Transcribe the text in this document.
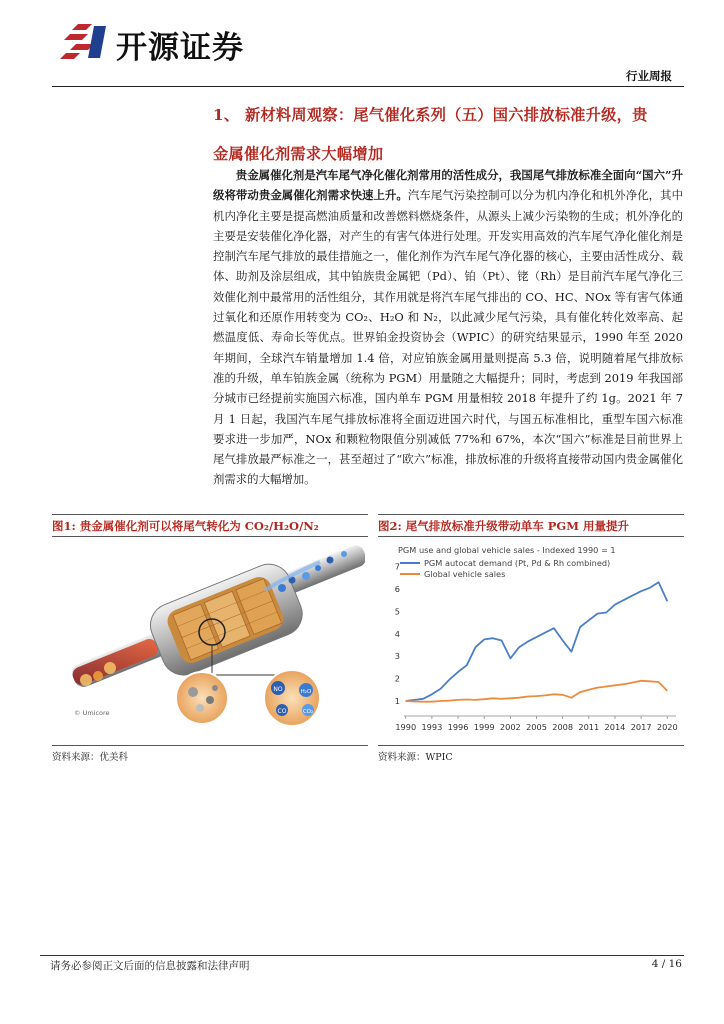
开源证券
行业周报
1、 新材料周观察：尾气催化系列（五）国六排放标准升级，贵
金属催化剂需求大幅增加

贵金属催化剂是汽车尾气净化催化剂常用的活性成分，我国尾气排放标准全面向“国六”升级将带动贵金属催化剂需求快速上升。汽车尾气污染控制可以分为机内净化和机外净化，其中机内净化主要是提高燃油质量和改善燃料燃烧条件，从源头上减少污染物的生成；机外净化的主要是安装催化净化器，对产生的有害气体进行处理。开发实用高效的汽车尾气净化催化剂是控制汽车尾气排放的最佳措施之一，催化剂作为汽车尾气净化器的核心，主要由活性成分、载体、助剂及涂层组成，其中铂族贵金属钯（Pd）、铂（Pt）、铑（Rh）是目前汽车尾气净化三效催化剂中最常用的活性组分，其作用就是将汽车尾气排出的 CO、HC、NOx 等有害气体通过氧化和还原作用转变为 CO₂、H₂O 和 N₂，以此减少尾气污染，具有催化转化效率高、起燃温度低、寿命长等优点。世界铂金投资协会（WPIC）的研究结果显示，1990 年至 2020 年期间，全球汽车销量增加 1.4 倍，对应铂族金属用量则提高 5.3 倍，说明随着尾气排放标准的升级，单车铂族金属（统称为 PGM）用量随之大幅提升；同时，考虑到 2019 年我国部分城市已经提前实施国六标准，国内单车 PGM 用量相较 2018 年提升了约 1g。2021 年 7 月 1 日起，我国汽车尾气排放标准将全面迈进国六时代，与国五标准相比，重型车国六标准要求进一步加严，NOx 和颗粒物限值分别减低 77%和 67%，本次“国六”标准是目前世界上尾气排放最严标准之一，甚至超过了“欧六”标准，排放标准的升级将直接带动国内贵金属催化剂需求的大幅增加。

图1: 贵金属催化剂可以将尾气转化为 CO₂/H₂O/N₂
NO
CO
H₂O
CO₂
© Umicore
资料来源：优美科
图2: 尾气排放标准升级带动单车 PGM 用量提升
PGM use and global vehicle sales - Indexed 1990 = 1
PGM autocat demand (Pt, Pd & Rh combined)
Global vehicle sales
1
2
3
4
5
6
7
1990 1993 1996 1999 2002 2005 2008 2011 2014 2017 2020
资料来源：WPIC
请务必参阅正文后面的信息披露和法律声明	4 / 16
